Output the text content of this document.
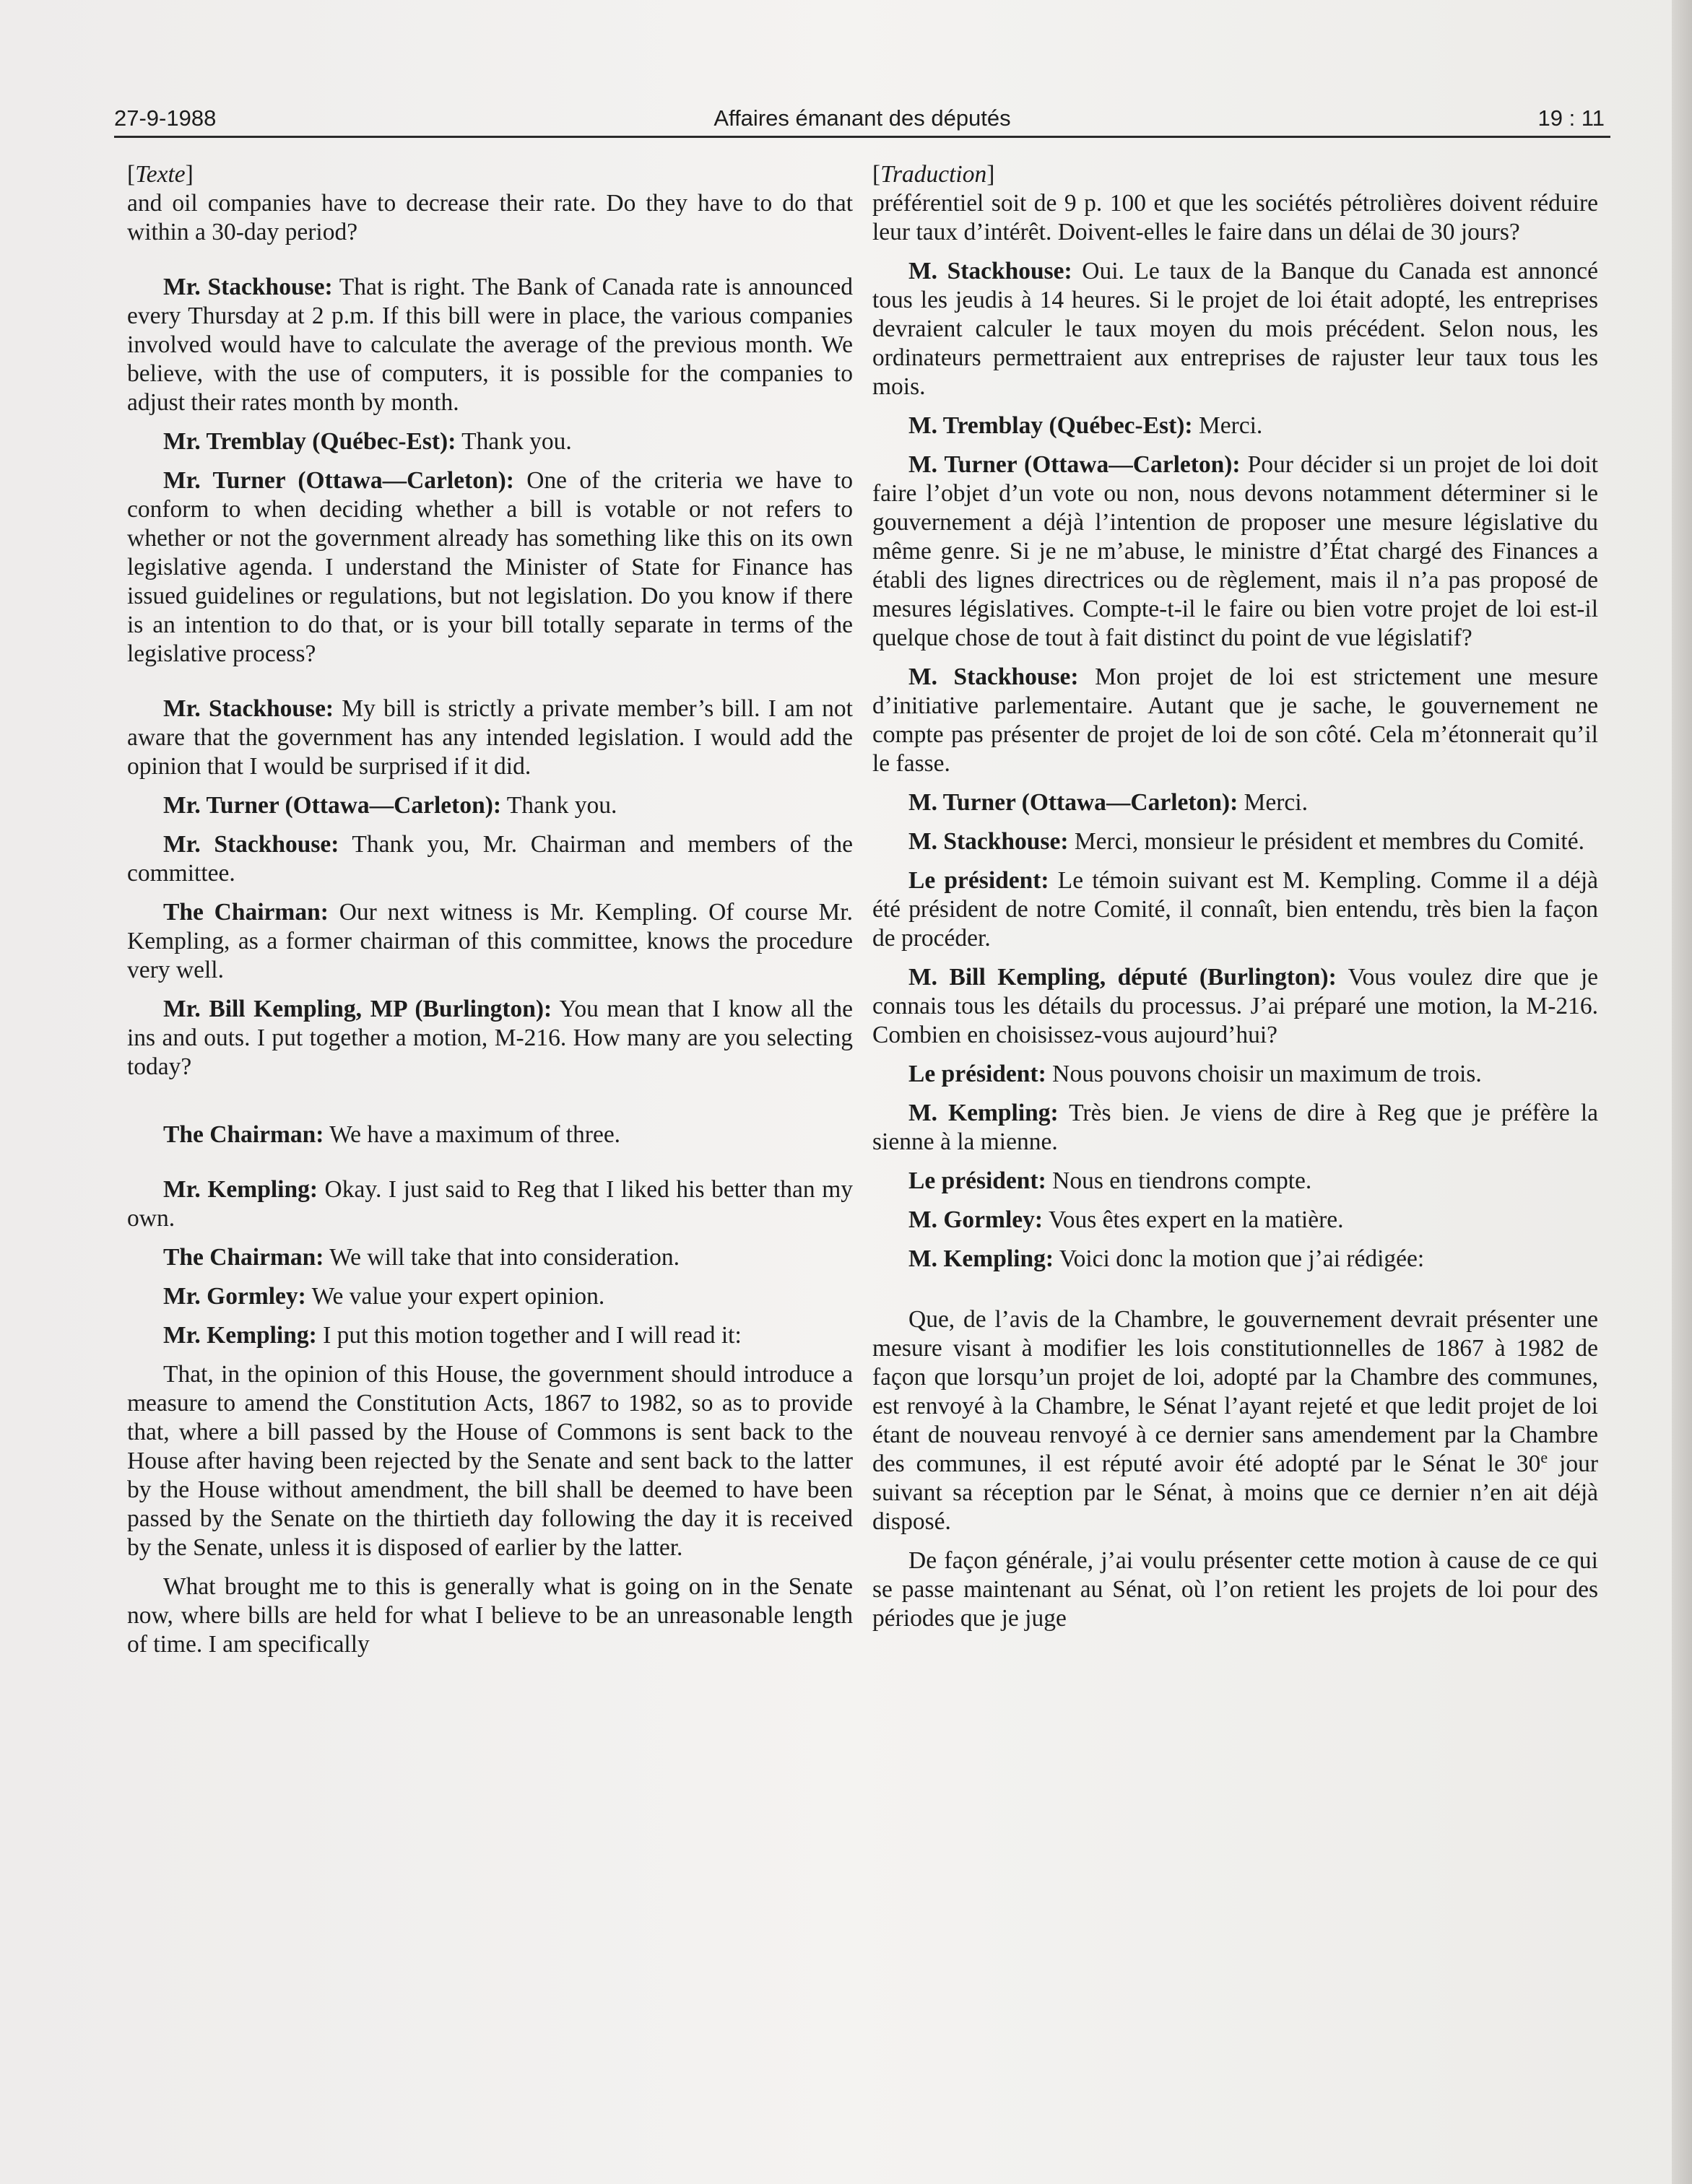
27-9-1988	Affaires émanant des députés	19 : 11
[Texte]

and oil companies have to decrease their rate. Do they have to do that within a 30-day period?

Mr. Stackhouse: That is right. The Bank of Canada rate is announced every Thursday at 2 p.m. If this bill were in place, the various companies involved would have to calculate the average of the previous month. We believe, with the use of computers, it is possible for the companies to adjust their rates month by month.

Mr. Tremblay (Québec-Est): Thank you.

Mr. Turner (Ottawa—Carleton): One of the criteria we have to conform to when deciding whether a bill is votable or not refers to whether or not the government already has something like this on its own legislative agenda. I understand the Minister of State for Finance has issued guidelines or regulations, but not legislation. Do you know if there is an intention to do that, or is your bill totally separate in terms of the legislative process?

Mr. Stackhouse: My bill is strictly a private member’s bill. I am not aware that the government has any intended legislation. I would add the opinion that I would be surprised if it did.

Mr. Turner (Ottawa—Carleton): Thank you.

Mr. Stackhouse: Thank you, Mr. Chairman and members of the committee.

The Chairman: Our next witness is Mr. Kempling. Of course Mr. Kempling, as a former chairman of this committee, knows the procedure very well.

Mr. Bill Kempling, MP (Burlington): You mean that I know all the ins and outs. I put together a motion, M-216. How many are you selecting today?

The Chairman: We have a maximum of three.

Mr. Kempling: Okay. I just said to Reg that I liked his better than my own.

The Chairman: We will take that into consideration.

Mr. Gormley: We value your expert opinion.

Mr. Kempling: I put this motion together and I will read it:

That, in the opinion of this House, the government should introduce a measure to amend the Constitution Acts, 1867 to 1982, so as to provide that, where a bill passed by the House of Commons is sent back to the House after having been rejected by the Senate and sent back to the latter by the House without amendment, the bill shall be deemed to have been passed by the Senate on the thirtieth day following the day it is received by the Senate, unless it is disposed of earlier by the latter.

What brought me to this is generally what is going on in the Senate now, where bills are held for what I believe to be an unreasonable length of time. I am specifically

[Traduction]

préférentiel soit de 9 p. 100 et que les sociétés pétrolières doivent réduire leur taux d’intérêt. Doivent-elles le faire dans un délai de 30 jours?

M. Stackhouse: Oui. Le taux de la Banque du Canada est annoncé tous les jeudis à 14 heures. Si le projet de loi était adopté, les entreprises devraient calculer le taux moyen du mois précédent. Selon nous, les ordinateurs permettraient aux entreprises de rajuster leur taux tous les mois.

M. Tremblay (Québec-Est): Merci.

M. Turner (Ottawa—Carleton): Pour décider si un projet de loi doit faire l’objet d’un vote ou non, nous devons notamment déterminer si le gouvernement a déjà l’intention de proposer une mesure législative du même genre. Si je ne m’abuse, le ministre d’État chargé des Finances a établi des lignes directrices ou de règlement, mais il n’a pas proposé de mesures législatives. Compte-t-il le faire ou bien votre projet de loi est-il quelque chose de tout à fait distinct du point de vue législatif?

M. Stackhouse: Mon projet de loi est strictement une mesure d’initiative parlementaire. Autant que je sache, le gouvernement ne compte pas présenter de projet de loi de son côté. Cela m’étonnerait qu’il le fasse.

M. Turner (Ottawa—Carleton): Merci.

M. Stackhouse: Merci, monsieur le président et membres du Comité.

Le président: Le témoin suivant est M. Kempling. Comme il a déjà été président de notre Comité, il connaît, bien entendu, très bien la façon de procéder.

M. Bill Kempling, député (Burlington): Vous voulez dire que je connais tous les détails du processus. J’ai préparé une motion, la M-216. Combien en choisissez-vous aujourd’hui?

Le président: Nous pouvons choisir un maximum de trois.

M. Kempling: Très bien. Je viens de dire à Reg que je préfère la sienne à la mienne.

Le président: Nous en tiendrons compte.

M. Gormley: Vous êtes expert en la matière.

M. Kempling: Voici donc la motion que j’ai rédigée:

Que, de l’avis de la Chambre, le gouvernement devrait présenter une mesure visant à modifier les lois constitutionnelles de 1867 à 1982 de façon que lorsqu’un projet de loi, adopté par la Chambre des communes, est renvoyé à la Chambre, le Sénat l’ayant rejeté et que ledit projet de loi étant de nouveau renvoyé à ce dernier sans amendement par la Chambre des communes, il est réputé avoir été adopté par le Sénat le 30e jour suivant sa réception par le Sénat, à moins que ce dernier n’en ait déjà disposé.

De façon générale, j’ai voulu présenter cette motion à cause de ce qui se passe maintenant au Sénat, où l’on retient les projets de loi pour des périodes que je juge
